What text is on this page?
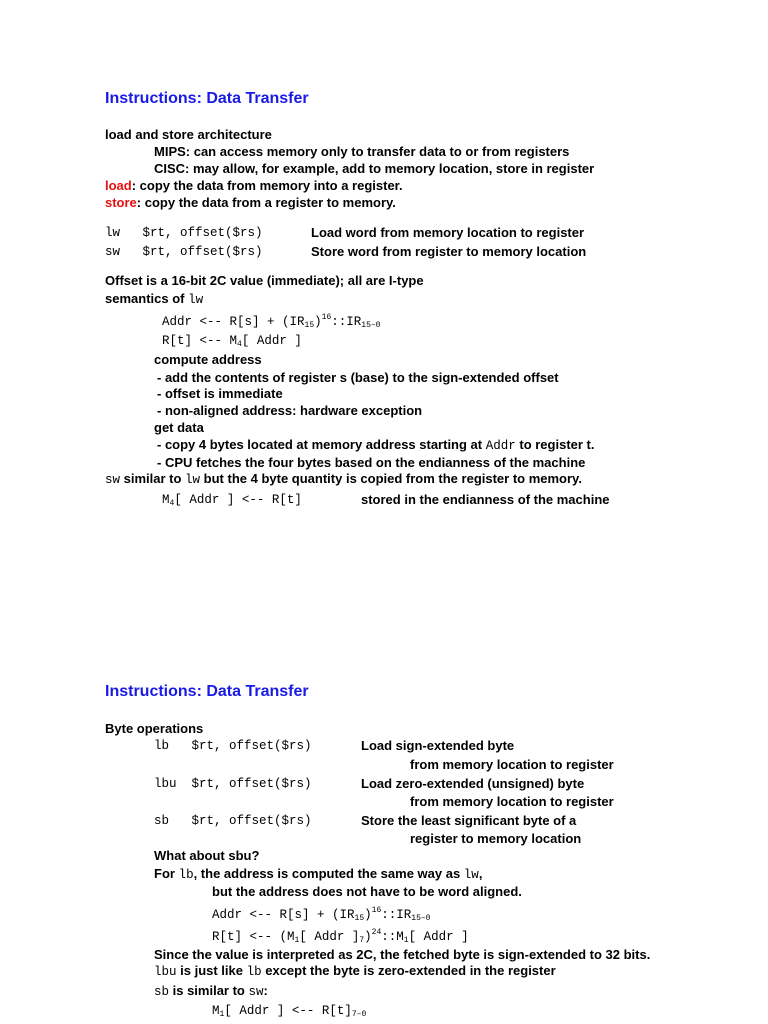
Instructions: Data Transfer
load and store architecture
MIPS: can access memory only to transfer data to or from registers
CISC: may allow, for example, add to memory location, store in register
load: copy the data from memory into a register.
store: copy the data from a register to memory.
lw   $rt, offset($rs)	Load word from memory location to register
sw   $rt, offset($rs)	Store word from register to memory location
Offset is a 16-bit 2C value (immediate); all are I-type
semantics of lw
Addr <-- $R[s] + (IR_{15})^{16}::IR_{15-0}$
R[t] <-- $M_4$[ Addr ]
compute address
- add the contents of register s (base) to the sign-extended offset
- offset is immediate
- non-aligned address: hardware exception
get data
- copy 4 bytes located at memory address starting at Addr to register t.
- CPU fetches the four bytes based on the endianness of the machine
sw similar to lw but the 4 byte quantity is copied from the register to memory.
$M_4$[ Addr ] <-- R[t]	stored in the endianness of the machine
Instructions: Data Transfer
Byte operations
lb   $rt, offset($rs)	Load sign-extended byte
from memory location to register
lbu  $rt, offset($rs)	Load zero-extended (unsigned) byte
from memory location to register
sb   $rt, offset($rs)	Store the least significant byte of a
register to memory location
What about sbu?
For lb, the address is computed the same way as lw,
but the address does not have to be word aligned.
Addr <-- $R[s] + (IR_{15})^{16}::IR_{15-0}$
R[t] <-- ($M_1$[ Addr ]$_7)^{24}::M_1$[ Addr ]
Since the value is interpreted as 2C, the fetched byte is sign-extended to 32 bits.
lbu is just like lb except the byte is zero-extended in the register
sb is similar to sw:
$M_1$[ Addr ] <-- $R[t]_{7-0}$
